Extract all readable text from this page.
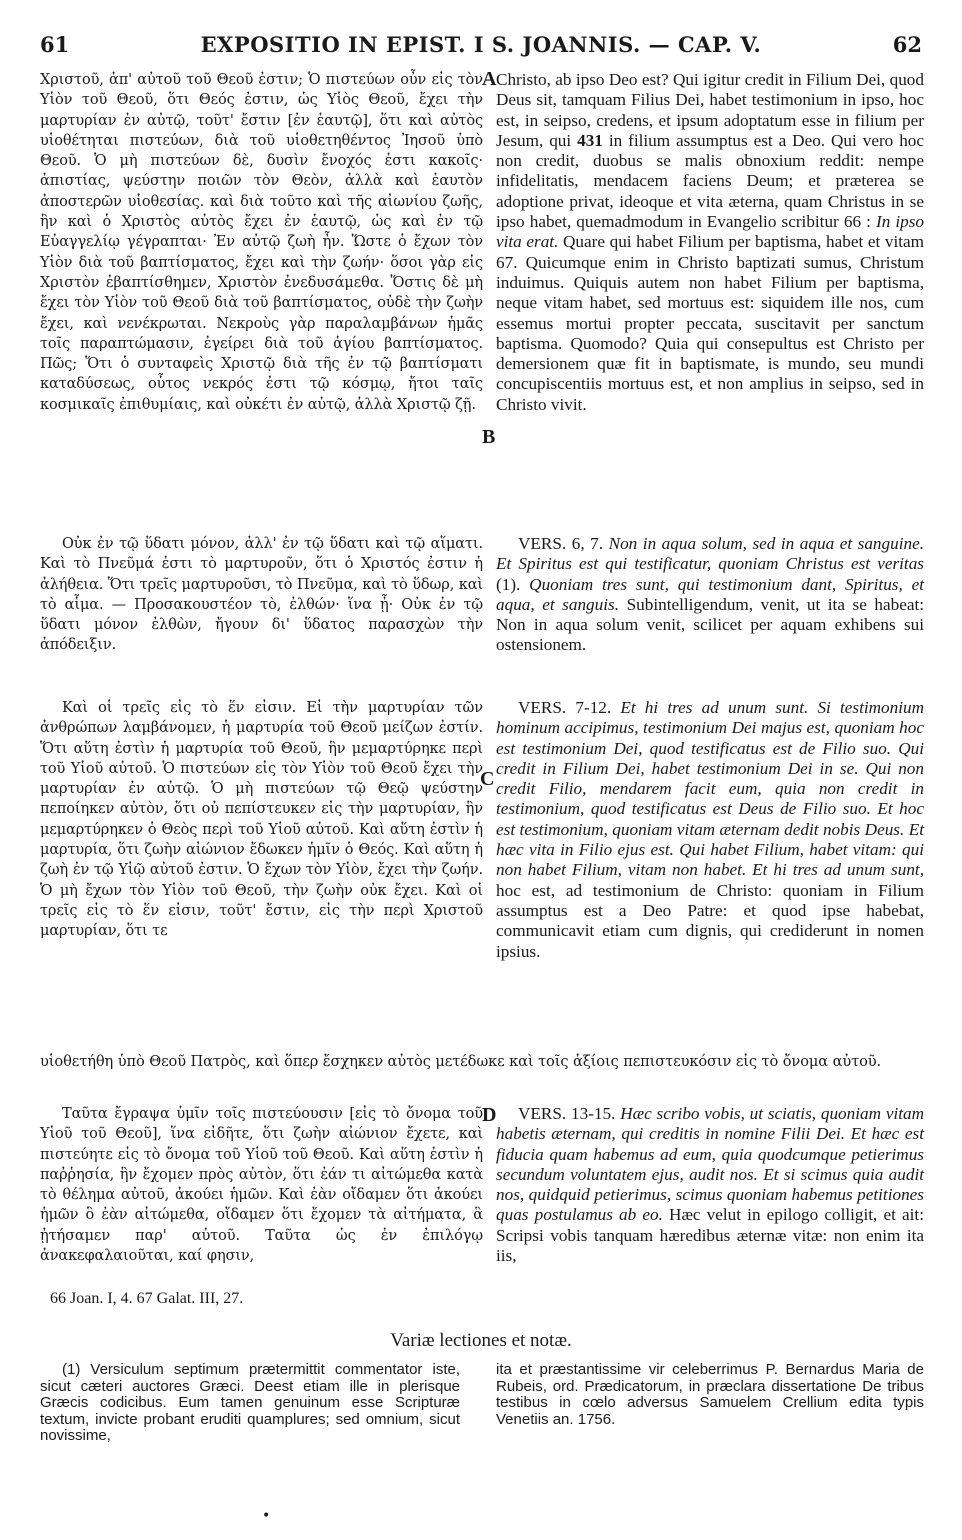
61	EXPOSITIO IN EPIST. I S. JOANNIS. — CAP. V.	62

Χριστοῦ, ἀπ' αὐτοῦ τοῦ Θεοῦ ἐστιν; Ὁ πιστεύων οὖν εἰς τὸν Υἱὸν τοῦ Θεοῦ, ὅτι Θεός ἐστιν, ὡς Υἱὸς Θεοῦ, ἔχει τὴν μαρτυρίαν ἐν αὐτῷ, τοῦτ' ἔστιν [ἐν ἑαυτῷ], ὅτι καὶ αὐτὸς υἱοθέτηται πιστεύων, διὰ τοῦ υἱοθετηθέντος Ἰησοῦ ὑπὸ Θεοῦ. Ὁ μὴ πιστεύων δὲ, δυσὶν ἔνοχός ἐστι κακοῖς· ἀπιστίας, ψεύστην ποιῶν τὸν Θεὸν, ἀλλὰ καὶ ἑαυτὸν ἀποστερῶν υἱοθεσίας. καὶ διὰ τοῦτο καὶ τῆς αἰωνίου ζωῆς, ἣν καὶ ὁ Χριστὸς αὐτὸς ἔχει ἐν ἑαυτῷ, ὡς καὶ ἐν τῷ Εὐαγγελίῳ γέγραπται· Ἐν αὐτῷ ζωὴ ἦν. Ὥστε ὁ ἔχων τὸν Υἱὸν διὰ τοῦ βαπτίσματος, ἔχει καὶ τὴν ζωήν· ὅσοι γὰρ εἰς Χριστὸν ἐβαπτίσθημεν, Χριστὸν ἐνεδυσάμεθα. Ὅστις δὲ μὴ ἔχει τὸν Υἱὸν τοῦ Θεοῦ διὰ τοῦ βαπτίσματος, οὐδὲ τὴν ζωὴν ἔχει, καὶ νενέκρωται. Νεκροὺς γὰρ παραλαμβάνων ἡμᾶς τοῖς παραπτώμασιν, ἐγείρει διὰ τοῦ ἁγίου βαπτίσματος. Πῶς; Ὅτι ὁ συνταφεὶς Χριστῷ διὰ τῆς ἐν τῷ βαπτίσματι καταδύσεως, οὗτος νεκρός ἐστι τῷ κόσμῳ, ἤτοι ταῖς κοσμικαῖς ἐπιθυμίαις, καὶ οὐκέτι ἐν αὐτῷ, ἀλλὰ Χριστῷ ζῇ.

Οὐκ ἐν τῷ ὕδατι μόνον, ἀλλ' ἐν τῷ ὕδατι καὶ τῷ αἵματι. Καὶ τὸ Πνεῦμά ἐστι τὸ μαρτυροῦν, ὅτι ὁ Χριστός ἐστιν ἡ ἀλήθεια. Ὅτι τρεῖς μαρτυροῦσι, τὸ Πνεῦμα, καὶ τὸ ὕδωρ, καὶ τὸ αἷμα. — Προσακουστέον τὸ, ἐλθών· ἵνα ᾖ· Οὐκ ἐν τῷ ὕδατι μόνον ἐλθὼν, ἤγουν δι' ὕδατος παρασχὼν τὴν ἀπόδειξιν.

Καὶ οἱ τρεῖς εἰς τὸ ἕν εἰσιν. Εἰ τὴν μαρτυρίαν τῶν ἀνθρώπων λαμβάνομεν, ἡ μαρτυρία τοῦ Θεοῦ μείζων ἐστίν. Ὅτι αὕτη ἐστὶν ἡ μαρτυρία τοῦ Θεοῦ, ἣν μεμαρτύρηκε περὶ τοῦ Υἱοῦ αὐτοῦ. Ὁ πιστεύων εἰς τὸν Υἱὸν τοῦ Θεοῦ ἔχει τὴν μαρτυρίαν ἐν αὐτῷ. Ὁ μὴ πιστεύων τῷ Θεῷ ψεύστην πεποίηκεν αὐτὸν, ὅτι οὐ πεπίστευκεν εἰς τὴν μαρτυρίαν, ἣν μεμαρτύρηκεν ὁ Θεὸς περὶ τοῦ Υἱοῦ αὐτοῦ. Καὶ αὕτη ἐστὶν ἡ μαρτυρία, ὅτι ζωὴν αἰώνιον ἔδωκεν ἡμῖν ὁ Θεός. Καὶ αὕτη ἡ ζωὴ ἐν τῷ Υἱῷ αὐτοῦ ἐστιν. Ὁ ἔχων τὸν Υἱὸν, ἔχει τὴν ζωήν. Ὁ μὴ ἔχων τὸν Υἱὸν τοῦ Θεοῦ, τὴν ζωὴν οὐκ ἔχει. Καὶ οἱ τρεῖς εἰς τὸ ἕν εἰσιν, τοῦτ' ἔστιν, εἰς τὴν περὶ Χριστοῦ μαρτυρίαν, ὅτι τε

υἱοθετήθη ὑπὸ Θεοῦ Πατρὸς, καὶ ὅπερ ἔσχηκεν αὐτὸς μετέδωκε καὶ τοῖς ἀξίοις πεπιστευκόσιν εἰς τὸ ὄνομα αὐτοῦ.

Ταῦτα ἔγραψα ὑμῖν τοῖς πιστεύουσιν [εἰς τὸ ὄνομα τοῦ Υἱοῦ τοῦ Θεοῦ], ἵνα εἰδῆτε, ὅτι ζωὴν αἰώνιον ἔχετε, καὶ πιστεύητε εἰς τὸ ὄνομα τοῦ Υἱοῦ τοῦ Θεοῦ. Καὶ αὕτη ἐστὶν ἡ παῤῥησία, ἣν ἔχομεν πρὸς αὐτὸν, ὅτι ἐάν τι αἰτώμεθα κατὰ τὸ θέλημα αὐτοῦ, ἀκούει ἡμῶν. Καὶ ἐὰν οἴδαμεν ὅτι ἀκούει ἡμῶν ὃ ἐὰν αἰτώμεθα, οἴδαμεν ὅτι ἔχομεν τὰ αἰτήματα, ἃ ᾐτήσαμεν παρ' αὐτοῦ. Ταῦτα ὡς ἐν ἐπιλόγῳ ἀνακεφαλαιοῦται, καί φησιν,

A
B
C
D

Christo, ab ipso Deo est? Qui igitur credit in Filium Dei, quod Deus sit, tamquam Filius Dei, habet testimonium in ipso, hoc est, in seipso, credens, et ipsum adoptatum esse in filium per Jesum, qui 431 in filium assumptus est a Deo. Qui vero hoc non credit, duobus se malis obnoxium reddit: nempe infidelitatis, mendacem faciens Deum; et præterea se adoptione privat, ideoque et vita æterna, quam Christus in se ipso habet, quemadmodum in Evangelio scribitur 66 : In ipso vita erat. Quare qui habet Filium per baptisma, habet et vitam 67. Quicumque enim in Christo baptizati sumus, Christum induimus. Quiquis autem non habet Filium per baptisma, neque vitam habet, sed mortuus est: siquidem ille nos, cum essemus mortui propter peccata, suscitavit per sanctum baptisma. Quomodo? Quia qui consepultus est Christo per demersionem quæ fit in baptismate, is mundo, seu mundi concupiscentiis mortuus est, et non amplius in seipso, sed in Christo vivit.

VERS. 6, 7. Non in aqua solum, sed in aqua et sanguine. Et Spiritus est qui testificatur, quoniam Christus est veritas (1). Quoniam tres sunt, qui testimonium dant, Spiritus, et aqua, et sanguis. Subintelligendum, venit, ut ita se habeat: Non in aqua solum venit, scilicet per aquam exhibens sui ostensionem.

VERS. 7-12. Et hi tres ad unum sunt. Si testimonium hominum accipimus, testimonium Dei majus est, quoniam hoc est testimonium Dei, quod testificatus est de Filio suo. Qui credit in Filium Dei, habet testimonium Dei in se. Qui non credit Filio, mendarem facit eum, quia non credit in testimonium, quod testificatus est Deus de Filio suo. Et hoc est testimonium, quoniam vitam æternam dedit nobis Deus. Et hæc vita in Filio ejus est. Qui habet Filium, habet vitam: qui non habet Filium, vitam non habet. Et hi tres ad unum sunt, hoc est, ad testimonium de Christo: quoniam in Filium assumptus est a Deo Patre: et quod ipse habebat, communicavit etiam cum dignis, qui crediderunt in nomen ipsius.

VERS. 13-15. Hæc scribo vobis, ut sciatis, quoniam vitam habetis æternam, qui creditis in nomine Filii Dei. Et hæc est fiducia quam habemus ad eum, quia quodcumque petierimus secundum voluntatem ejus, audit nos. Et si scimus quia audit nos, quidquid petierimus, scimus quoniam habemus petitiones quas postulamus ab eo. Hæc velut in epilogo colligit, et ait: Scripsi vobis tanquam hæredibus æternæ vitæ: non enim ita iis,

66 Joan. I, 4. 67 Galat. III, 27.
Variæ lectiones et notæ.

(1) Versiculum septimum prætermittit commentator iste, sicut cæteri auctores Græci. Deest etiam ille in plerisque Græcis codicibus. Eum tamen genuinum esse Scripturæ textum, invicte probant eruditi quamplures; sed omnium, sicut novissime,

ita et præstantissime vir celeberrimus P. Bernardus Maria de Rubeis, ord. Prædicatorum, in præclara dissertatione De tribus testibus in cœlo adversus Samuelem Crellium edita typis Venetiis an. 1756.

•
